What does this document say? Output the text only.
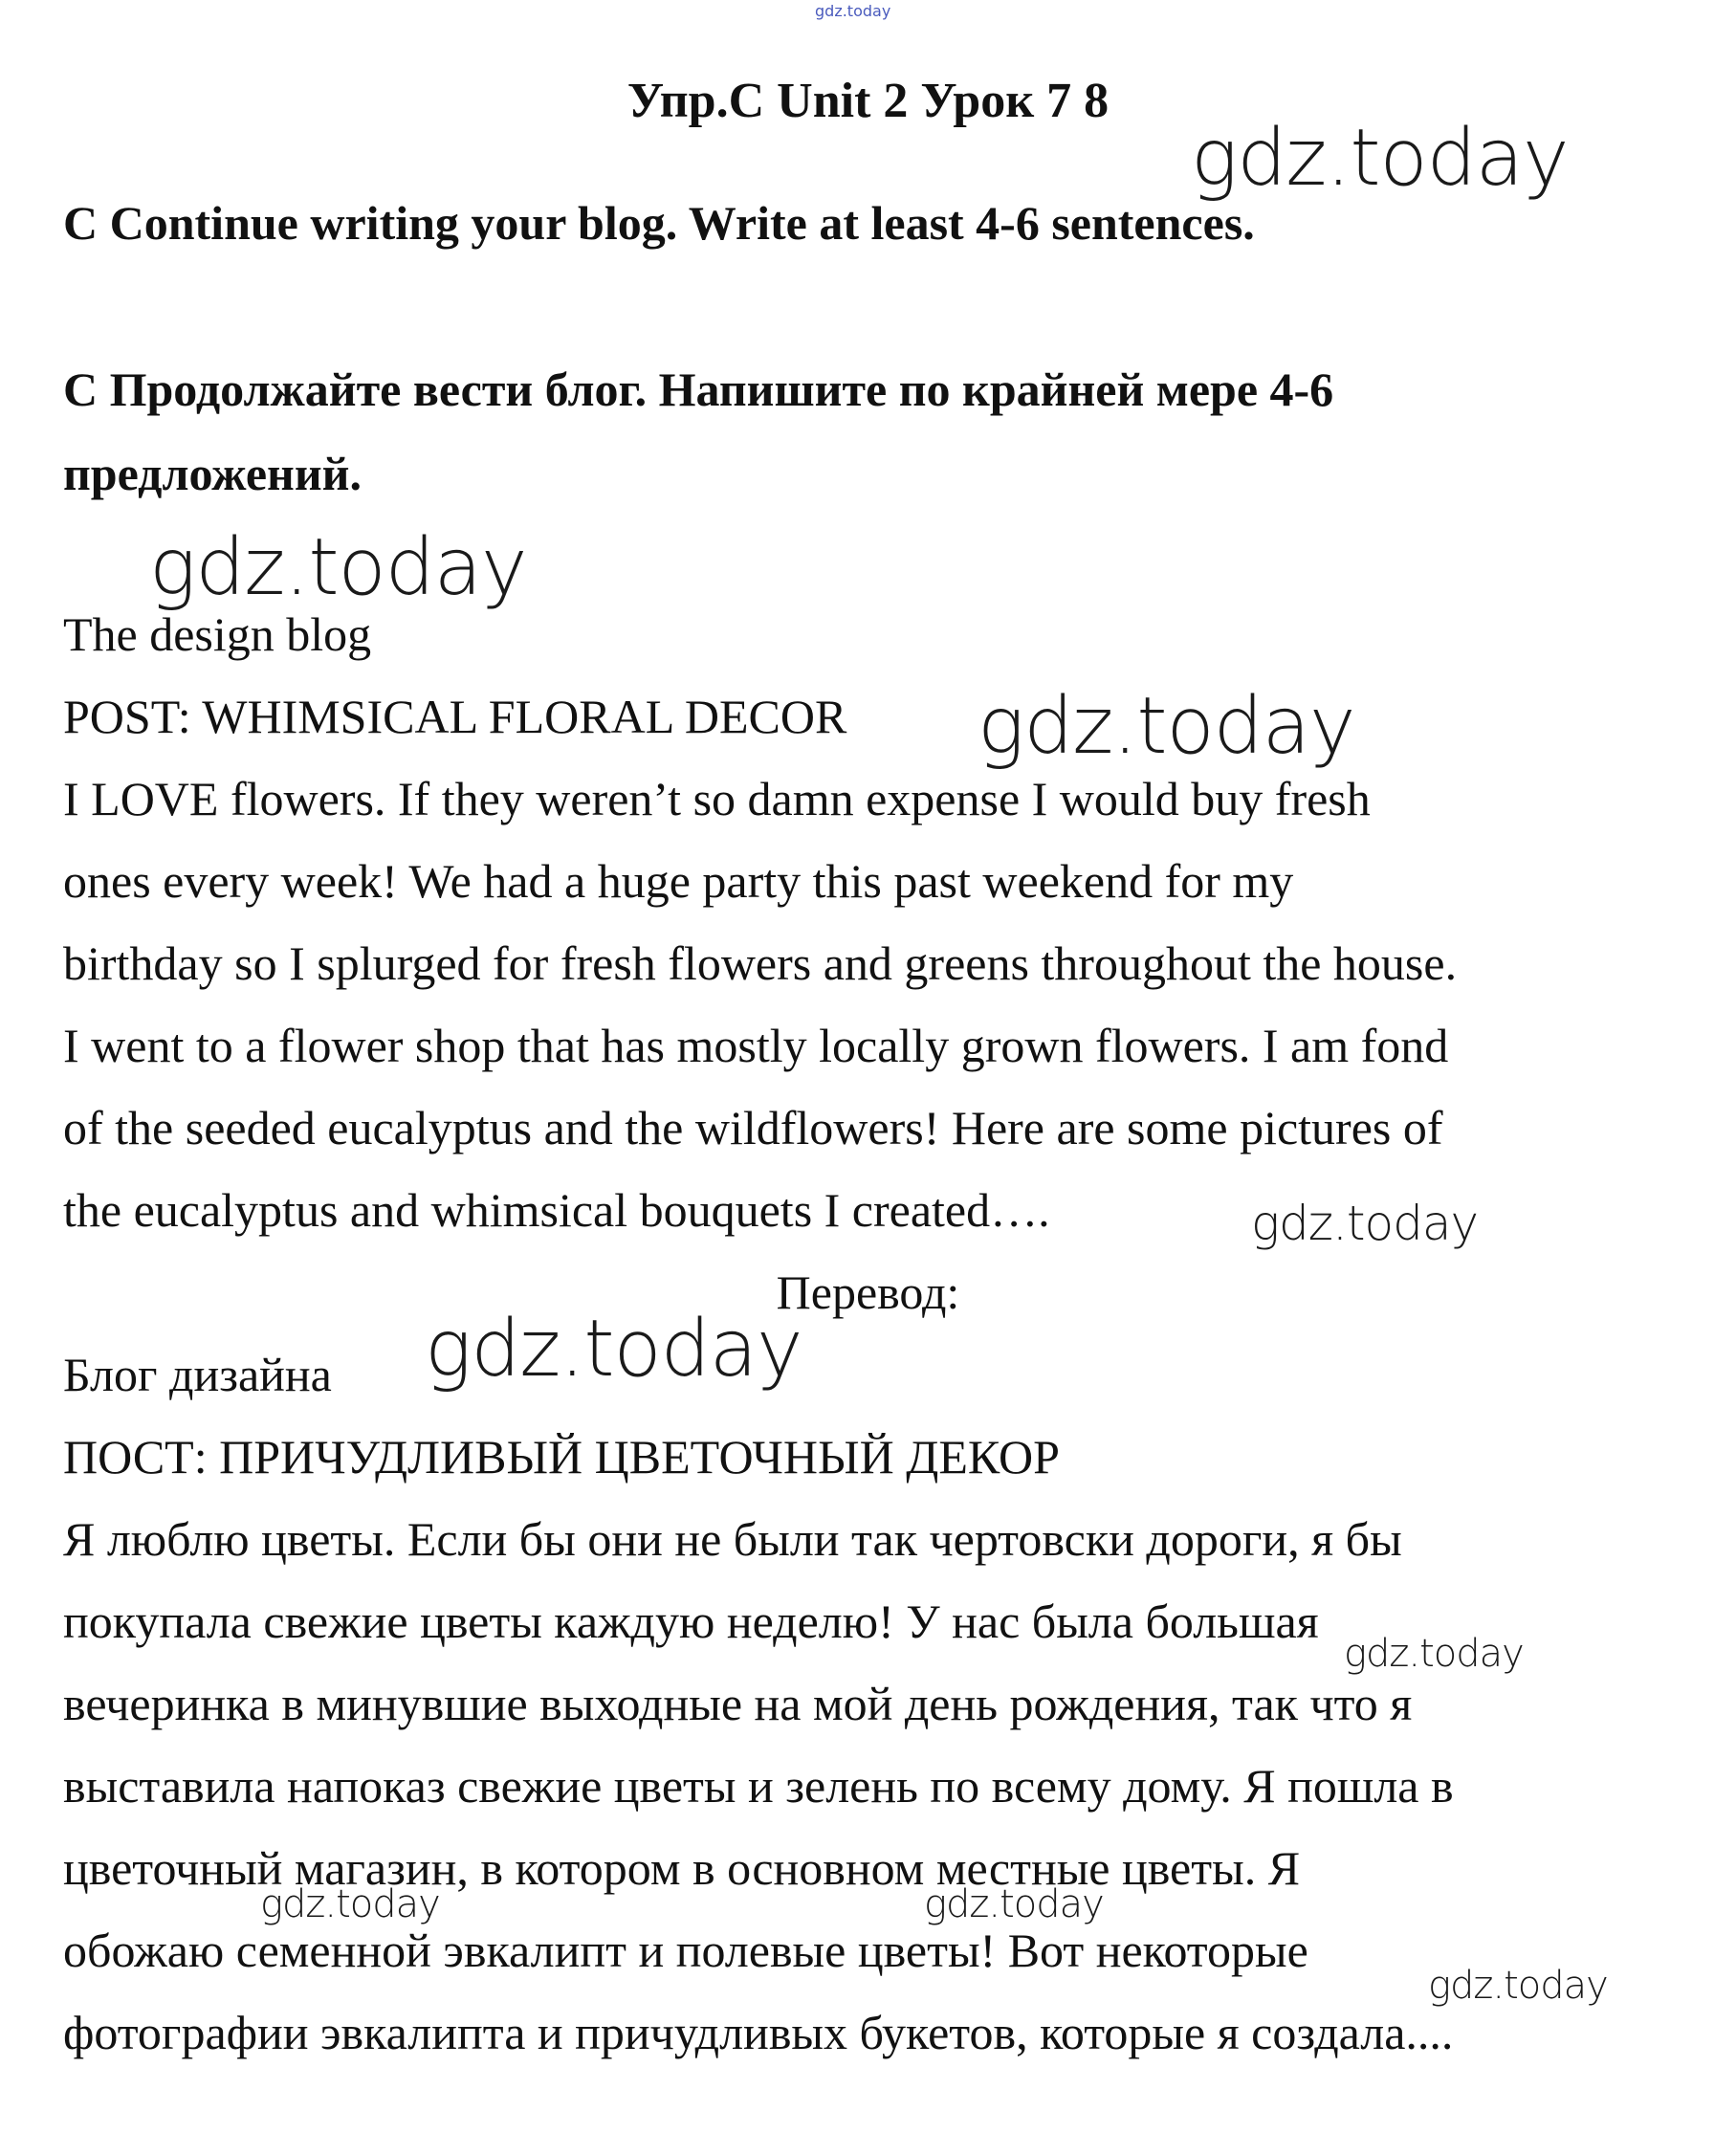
gdz.today
Упр.C Unit 2 Урок 7 8
C Continue writing your blog. Write at least 4-6 sentences.
C Продолжайте вести блог. Напишите по крайней мере 4-6
предложений.
The design blog
POST: WHIMSICAL FLORAL DECOR
I LOVE flowers. If they weren’t so damn expense I would buy fresh
ones every week! We had a huge party this past weekend for my
birthday so I splurged for fresh flowers and greens throughout the house.
I went to a flower shop that has mostly locally grown flowers. I am fond
of the seeded eucalyptus and the wildflowers! Here are some pictures of
the eucalyptus and whimsical bouquets I created….
Перевод:
Блог дизайна
ПОСТ: ПРИЧУДЛИВЫЙ ЦВЕТОЧНЫЙ ДЕКОР
Я люблю цветы. Если бы они не были так чертовски дороги, я бы
покупала свежие цветы каждую неделю! У нас была большая
вечеринка в минувшие выходные на мой день рождения, так что я
выставила напоказ свежие цветы и зелень по всему дому. Я пошла в
цветочный магазин, в котором в основном местные цветы. Я
обожаю семенной эвкалипт и полевые цветы! Вот некоторые
фотографии эвкалипта и причудливых букетов, которые я создала....
gdz.today
gdz.today
gdz.today
gdz.today
gdz.today
gdz.today
gdz.today	gdz.today
gdz.today
